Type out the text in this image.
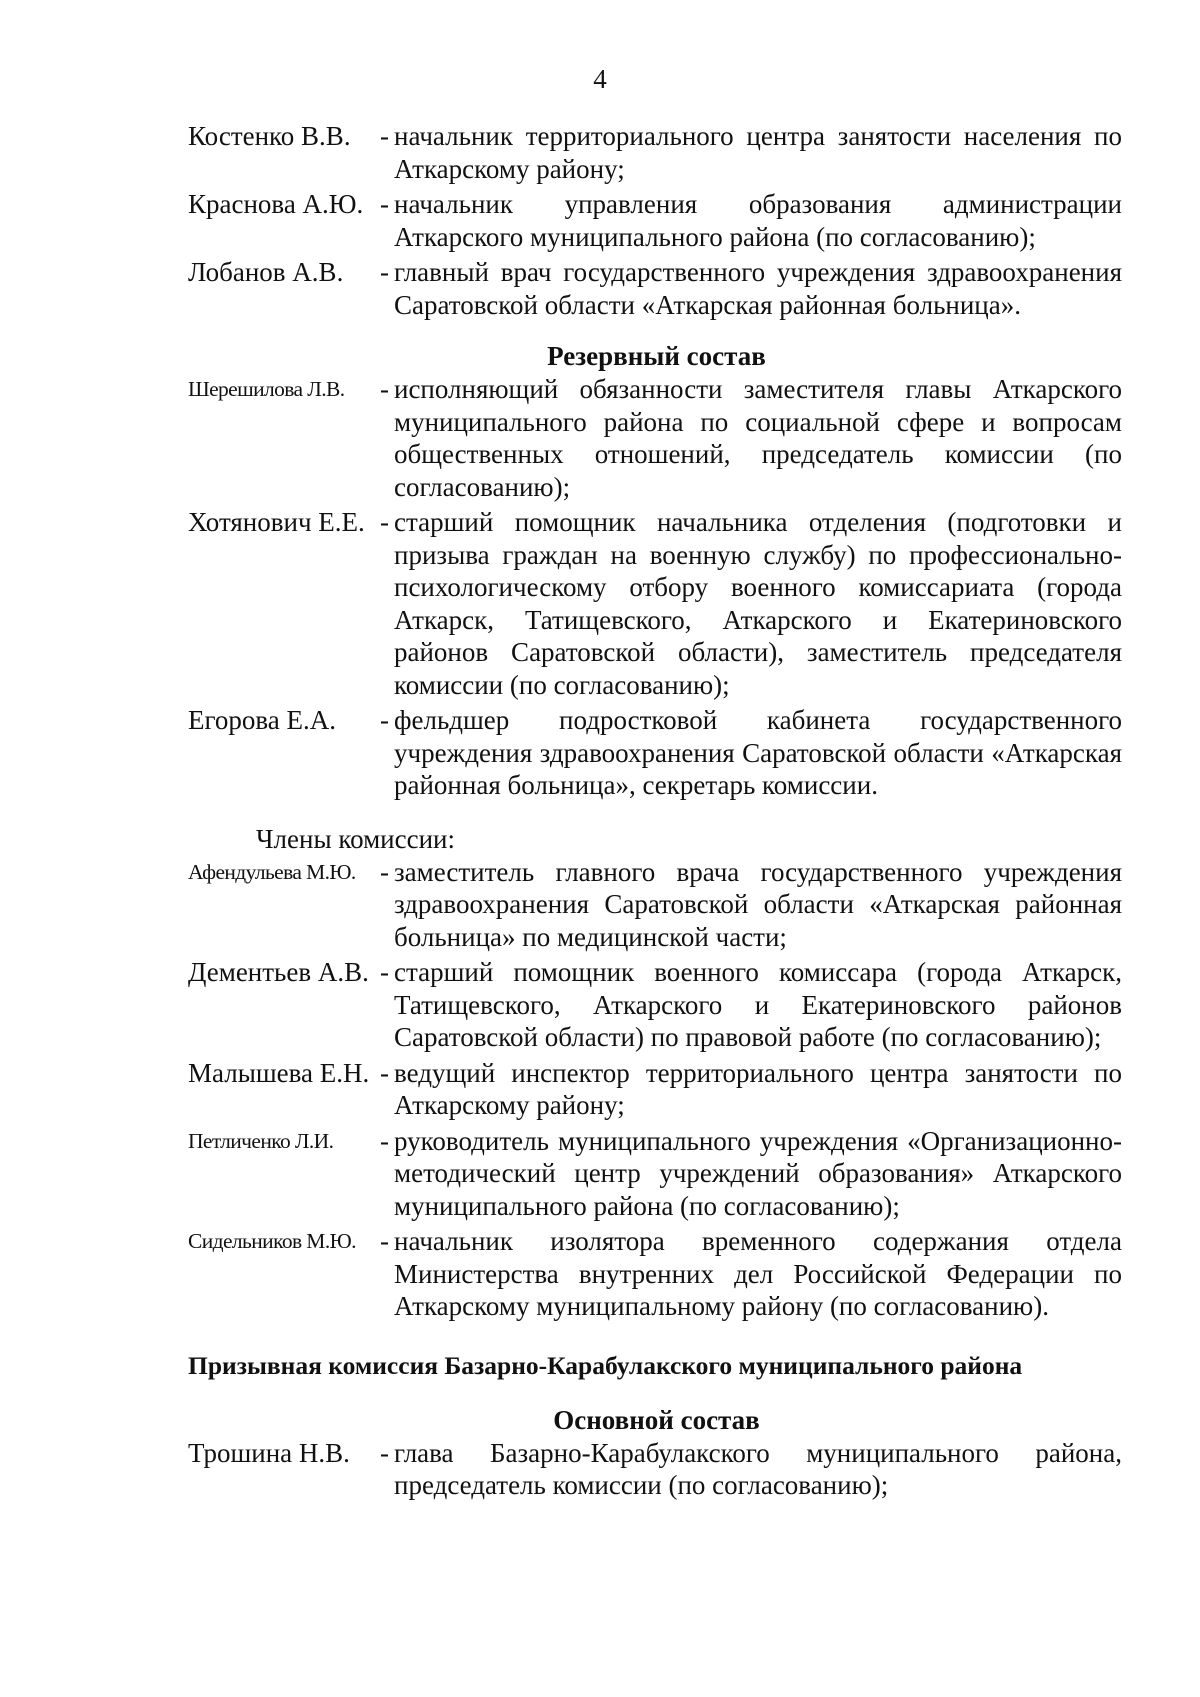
4
Костенко В.В.	- начальник территориального центра занятости населения по Аткарскому району;
Краснова А.Ю. - начальник управления образования администрации Аткарского муниципального района (по согласованию);
Лобанов А.В.	- главный врач государственного учреждения здравоохранения Саратовской области «Аткарская районная больница».
Резервный состав
Шерешилова Л.В.	- исполняющий обязанности заместителя главы Аткарского муниципального района по социальной сфере и вопросам общественных отношений, председатель комиссии (по согласованию);
Хотянович Е.Е. - старший помощник начальника отделения (подготовки и призыва граждан на военную службу) по профессионально-психологическому отбору военного комиссариата (города Аткарск, Татищевского, Аткарского и Екатериновского районов Саратовской области), заместитель председателя комиссии (по согласованию);
Егорова Е.А.	- фельдшер подростковой кабинета государственного учреждения здравоохранения Саратовской области «Аткарская районная больница», секретарь комиссии.
Члены комиссии:
Афендульева М.Ю. - заместитель главного врача государственного учреждения здравоохранения Саратовской области «Аткарская районная больница» по медицинской части;
Дементьев А.В. - старший помощник военного комиссара (города Аткарск, Татищевского, Аткарского и Екатериновского районов Саратовской области) по правовой работе (по согласованию);
Малышева Е.Н. - ведущий инспектор территориального центра занятости по Аткарскому району;
Петличенко Л.И.	- руководитель муниципального учреждения «Организационно-методический центр учреждений образования» Аткарского муниципального района (по согласованию);
Сидельников М.Ю. - начальник изолятора временного содержания отдела Министерства внутренних дел Российской Федерации по Аткарскому муниципальному району (по согласованию).
Призывная комиссия Базарно-Карабулакского муниципального района
Основной состав
Трошина Н.В.	- глава Базарно-Карабулакского муниципального района, председатель комиссии (по согласованию);
